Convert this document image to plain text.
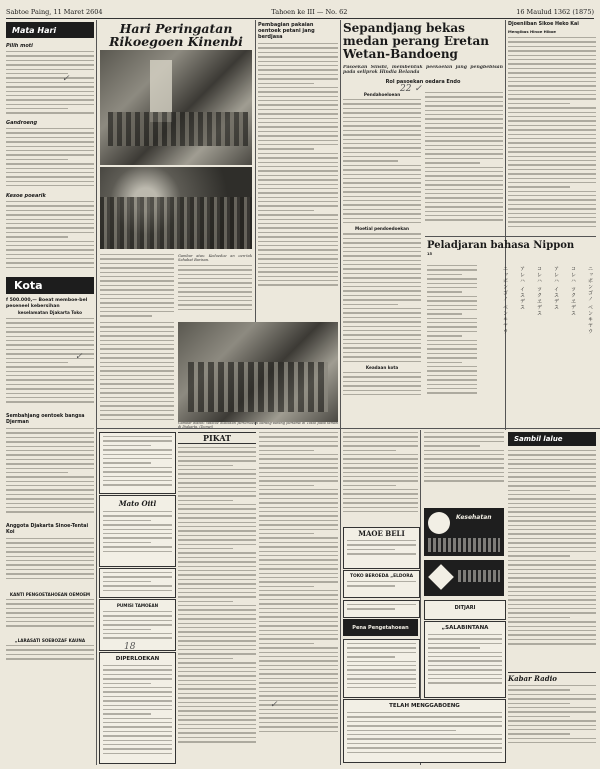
Sabtoe Paing, 11 Maret 2604	Tahoen ke III — No. 62	16 Maulud 1362 (1875)
Mata Hari
Pilih moti
Gandroeng
Kesoe poearik
Kota
f 500.000,— Boeat memboe-bel peseneel kebersihan
keselamatan Djakarta Toko
Sembahjang oentoek bangsa Djerman
Anggota Djakarta Sinoe-Tentai Koi
KANTI PENGOETAHOEAN OEMOEM
„LARASATI SOEBOZAF KAUNA
Hari Peringatan Rikoegoen Kinenbi
Gambar atas: Kedoedoe an oen-tak Sahabat Barisan.
Gambar diatas: Waktoe diadakan pertemoean barang-barang pertama di Tokio pada taman di Djakarta. (Domei)
Pembagian pakaian oentoek petani jang berdjasa
Sepandjang bekas medan perang Eretan Wetan-Bandoeng
Pasoekan Sinshi, membentuk peekoelan jang pengbebisan pada seliprok Hindia Belanda
Rol pasoekan oedara Endo
Pendahoeloean
Moetial pendoedoekan
Keadaan kota
Djoeniiban Sikoe Heko Kai
Mengibas Hinoe Hiboe
Peladjaran bahasa Nippon
15
ニッポンゴノ ベンキヤウ
コレハ ツクヱデス
アレハ イスデス
コレハ ツクヱデス
アレハ イスデス
ニッポンゴノ ベンキヤウ
Mato Oitl
PUMISI TAMOEAN
DIPERLOEKAN
PIKAT
MAOE BELI
TOKO BEROEDA „ELDORA
Pena Pengetahoean
Kesehatan
DITJARI
„SALABINTANA
TELAH MENGGABOENG
Sambil lalue
Kabar Radio
✓
✓
22 ✓
18
✓
